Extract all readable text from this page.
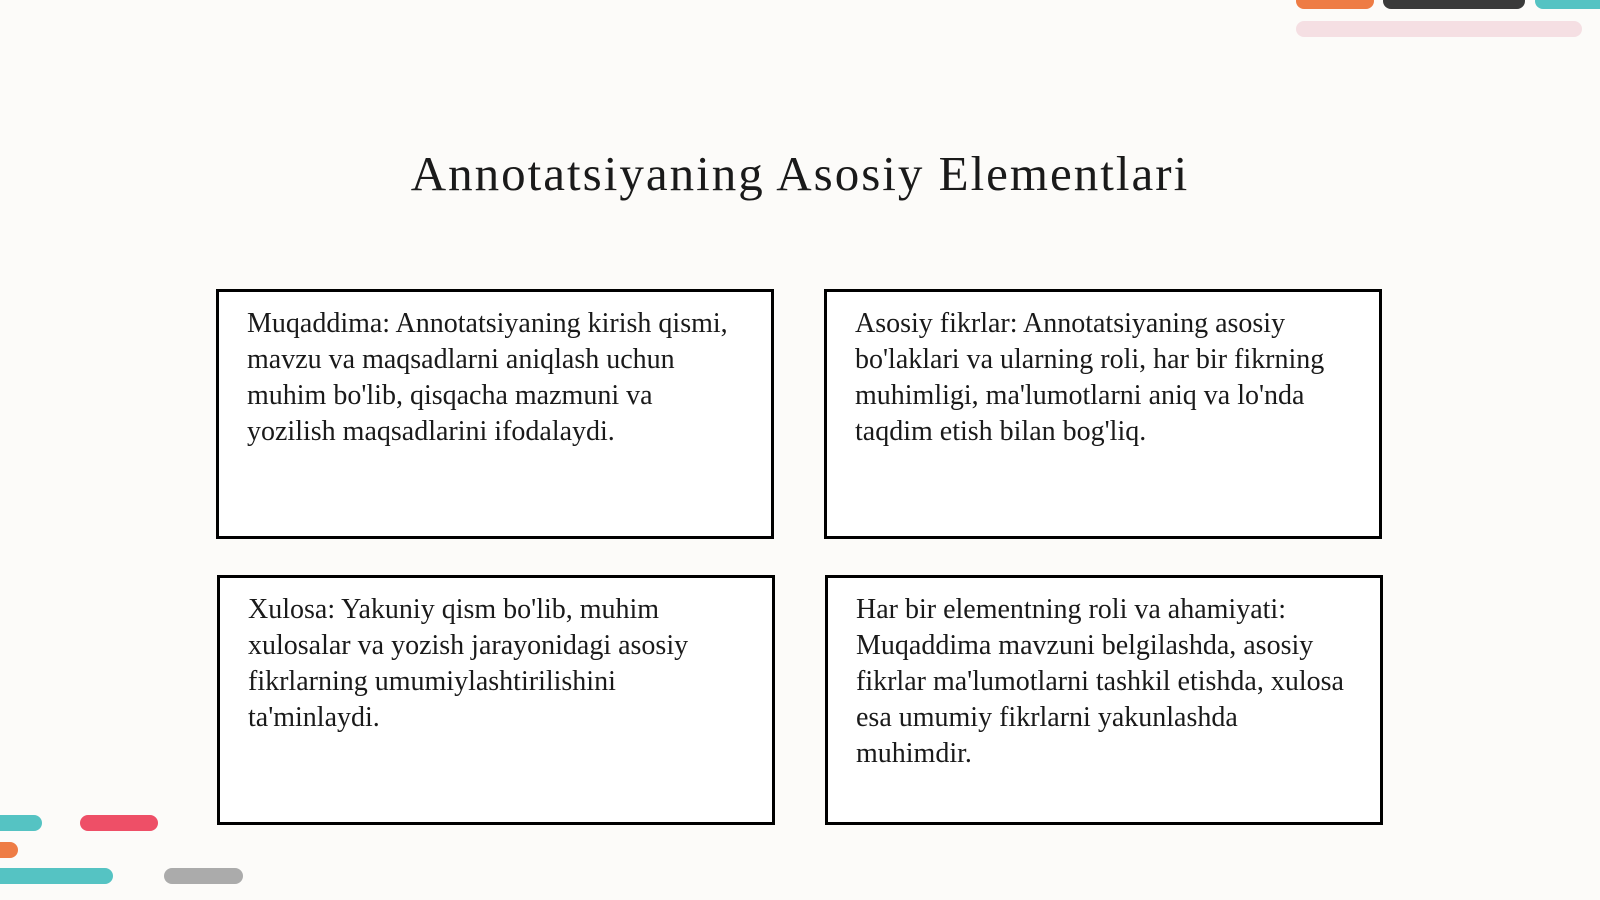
Annotatsiyaning Asosiy Elementlari

Muqaddima: Annotatsiyaning kirish qismi, mavzu va maqsadlarni aniqlash uchun muhim bo'lib, qisqacha mazmuni va yozilish maqsadlarini ifodalaydi.

Asosiy fikrlar: Annotatsiyaning asosiy bo'laklari va ularning roli, har bir fikrning muhimligi, ma'lumotlarni aniq va lo'nda taqdim etish bilan bog'liq.

Xulosa: Yakuniy qism bo'lib, muhim xulosalar va yozish jarayonidagi asosiy fikrlarning umumiylashtirilishini ta'minlaydi.

Har bir elementning roli va ahamiyati: Muqaddima mavzuni belgilashda, asosiy fikrlar ma'lumotlarni tashkil etishda, xulosa esa umumiy fikrlarni yakunlashda muhimdir.
